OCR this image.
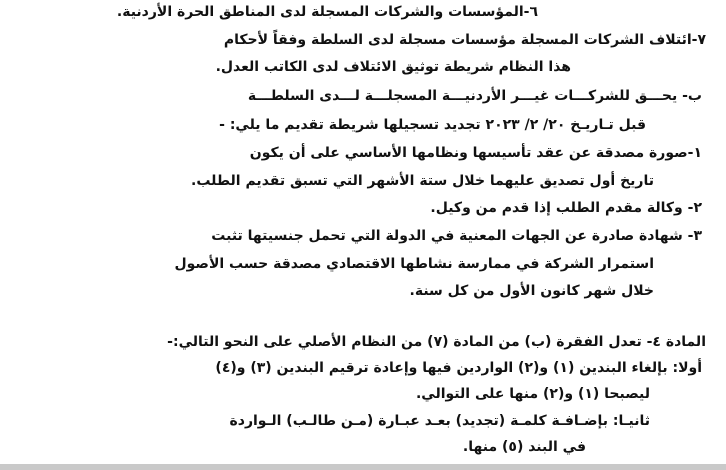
٦-المؤسسات والشركات المسجلة لدى المناطق الحرة الأردنية.
٧-ائتلاف الشركات المسجلة مؤسسات مسجلة لدى السلطة وفقاً لأحكام
هذا النظام شريطة توثيق الائتلاف لدى الكاتب العدل.
ب- يحـــق للشركـــات غيـــر الأردنيـــة المسجلـــة لـــدى السلطـــة
قبل تـاريـخ ٢٠/ ٢/ ٢٠٢٣ تجديد تسجيلها شريطة تقديم ما يلي: -
١-صورة مصدقة عن عقد تأسيسها ونظامها الأساسي على أن يكون
تاريخ أول تصديق عليهما خلال ستة الأشهر التي تسبق تقديم الطلب.
٢- وكالة مقدم الطلب إذا قدم من وكيل.
٣- شهادة صادرة عن الجهات المعنية في الدولة التي تحمل جنسيتها تثبت
استمرار الشركة في ممارسة نشاطها الاقتصادي مصدقة حسب الأصول
خلال شهر كانون الأول من كل سنة.
المادة ٤- تعدل الفقرة (ب) من المادة (٧) من النظام الأصلي على النحو التالي:-
أولا: بإلغاء البندين (١) و(٢) الواردين فيها وإعادة ترقيم البندين (٣) و(٤)
ليصبحا (١) و(٢) منها على التوالي.
ثانيـا: بإضـافـة كلمـة (تجديد) بعـد عبـارة (مـن طالـب) الـواردة
في البند (٥) منها.
